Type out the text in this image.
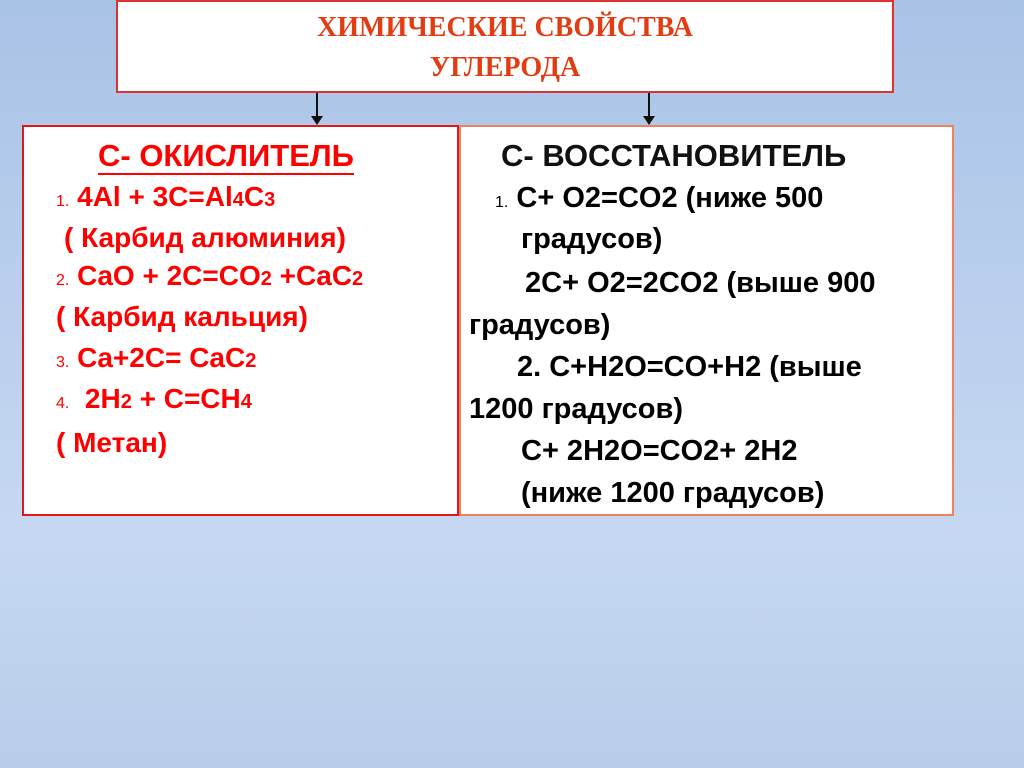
ХИМИЧЕСКИЕ СВОЙСТВА
УГЛЕРОДА
С- ОКИСЛИТЕЛЬ
1. 4Al + 3C=Al4C3
( Карбид алюминия)
2. CaO + 2C=CO2 +CaC2
( Карбид кальция)
3. Ca+2C= CaC2
4. 2H2 + C=CH4
( Метан)
С- ВОССТАНОВИТЕЛЬ
1. C+ O2=CO2 (ниже 500
градусов)
2C+ O2=2CO2 (выше 900
градусов)
2. C+H2O=CO+H2 (выше
1200 градусов)
C+ 2H2O=CO2+ 2H2
(ниже 1200 градусов)
